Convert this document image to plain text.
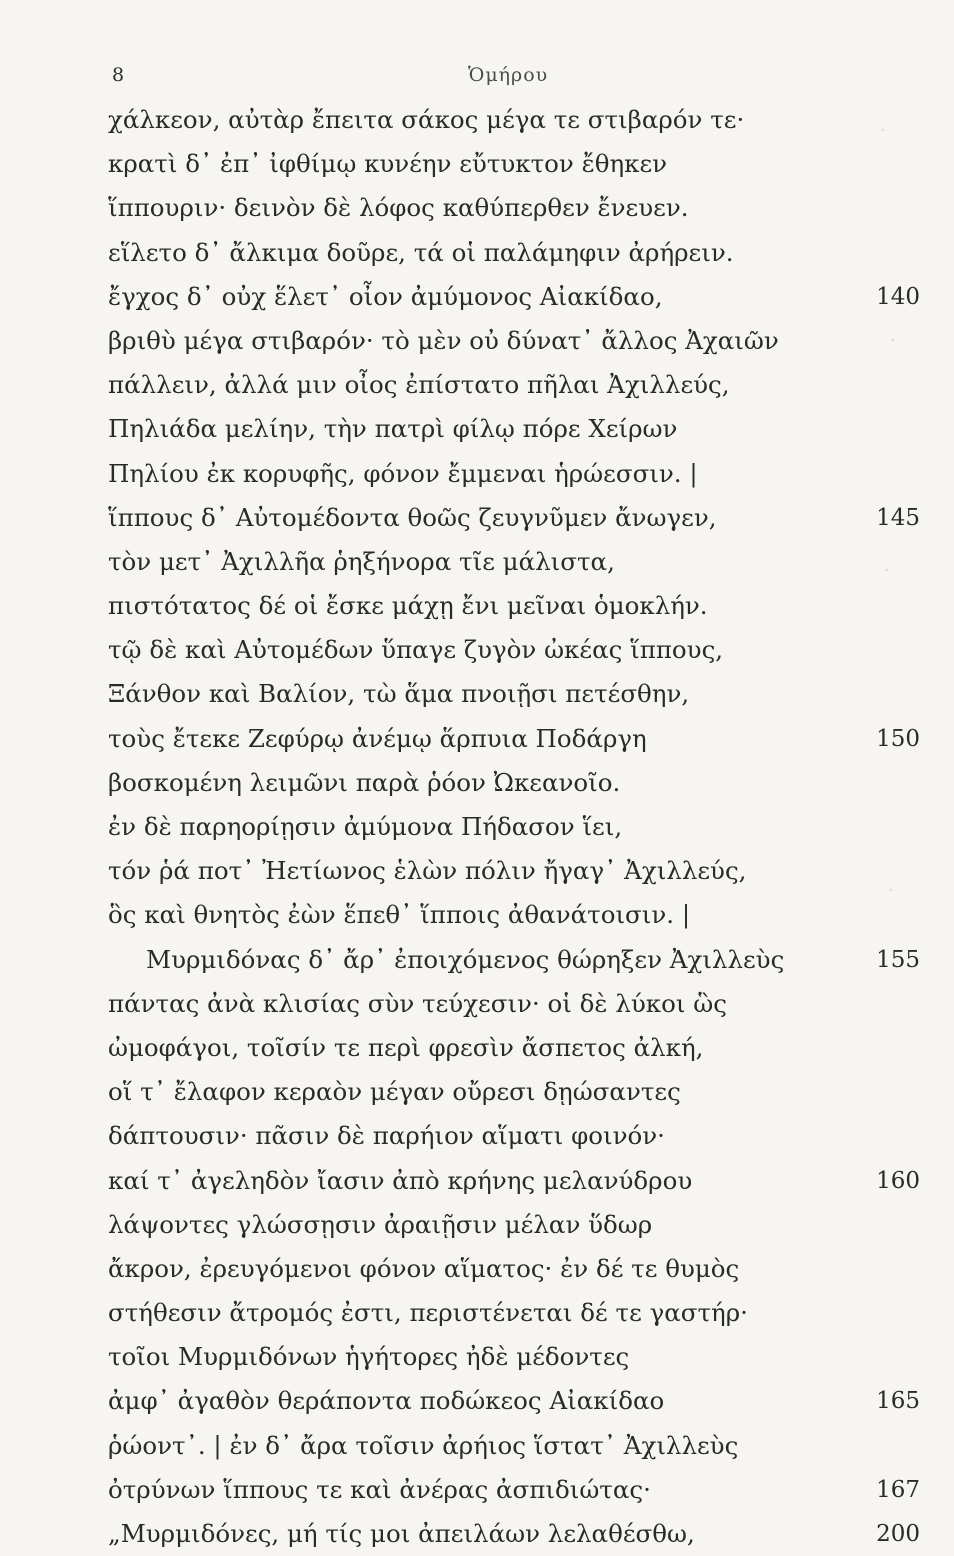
8	Ὁμήρου
χάλκεον, αὐτὰρ ἔπειτα σάκος μέγα τε στιβαρόν τε·
κρατὶ δ᾽ ἐπ᾽ ἰφθίμῳ κυνέην εὔτυκτον ἔθηκεν
ἵππουριν· δεινὸν δὲ λόφος καθύπερθεν ἔνευεν.
εἵλετο δ᾽ ἄλκιμα δοῦρε, τά οἱ παλάμηφιν ἀρήρειν.
ἔγχος δ᾽ οὐχ ἕλετ᾽ οἶον ἀμύμονος Αἰακίδαο,	140
βριθὺ μέγα στιβαρόν· τὸ μὲν οὐ δύνατ᾽ ἄλλος Ἀχαιῶν
πάλλειν, ἀλλά μιν οἶος ἐπίστατο πῆλαι Ἀχιλλεύς,
Πηλιάδα μελίην, τὴν πατρὶ φίλῳ πόρε Χείρων
Πηλίου ἐκ κορυφῆς, φόνον ἔμμεναι ἡρώεσσιν. |
ἵππους δ᾽ Αὐτομέδοντα θοῶς ζευγνῦμεν ἄνωγεν,	145
τὸν μετ᾽ Ἀχιλλῆα ῥηξήνορα τῖε μάλιστα,
πιστότατος δέ οἱ ἔσκε μάχῃ ἔνι μεῖναι ὁμοκλήν.
τῷ δὲ καὶ Αὐτομέδων ὕπαγε ζυγὸν ὠκέας ἵππους,
Ξάνθον καὶ Βαλίον, τὼ ἅμα πνοιῇσι πετέσθην,
τοὺς ἔτεκε Ζεφύρῳ ἀνέμῳ ἅρπυια Ποδάργη	150
βοσκομένη λειμῶνι παρὰ ῥόον Ὠκεανοῖο.
ἐν δὲ παρηορίῃσιν ἀμύμονα Πήδασον ἵει,
τόν ῥά ποτ᾽ Ἠετίωνος ἑλὼν πόλιν ἤγαγ᾽ Ἀχιλλεύς,
ὃς καὶ θνητὸς ἐὼν ἕπεθ᾽ ἵπποις ἀθανάτοισιν. |
Μυρμιδόνας δ᾽ ἄρ᾽ ἐποιχόμενος θώρηξεν Ἀχιλλεὺς	155
πάντας ἀνὰ κλισίας σὺν τεύχεσιν· οἱ δὲ λύκοι ὣς
ὠμοφάγοι, τοῖσίν τε περὶ φρεσὶν ἄσπετος ἀλκή,
οἵ τ᾽ ἔλαφον κεραὸν μέγαν οὔρεσι δῃώσαντες
δάπτουσιν· πᾶσιν δὲ παρήιον αἵματι φοινόν·
καί τ᾽ ἀγεληδὸν ἴασιν ἀπὸ κρήνης μελανύδρου	160
λάψοντες γλώσσῃσιν ἀραιῇσιν μέλαν ὕδωρ
ἄκρον, ἐρευγόμενοι φόνον αἵματος· ἐν δέ τε θυμὸς
στήθεσιν ἄτρομός ἐστι, περιστένεται δέ τε γαστήρ·
τοῖοι Μυρμιδόνων ἡγήτορες ἠδὲ μέδοντες
ἀμφ᾽ ἀγαθὸν θεράποντα ποδώκεος Αἰακίδαο	165
ῥώοντ᾽. | ἐν δ᾽ ἄρα τοῖσιν ἀρήιος ἵστατ᾽ Ἀχιλλεὺς
ὀτρύνων ἵππους τε καὶ ἀνέρας ἀσπιδιώτας·	167
„Μυρμιδόνες, μή τίς μοι ἀπειλάων λελαθέσθω,	200
·
·
·
·
